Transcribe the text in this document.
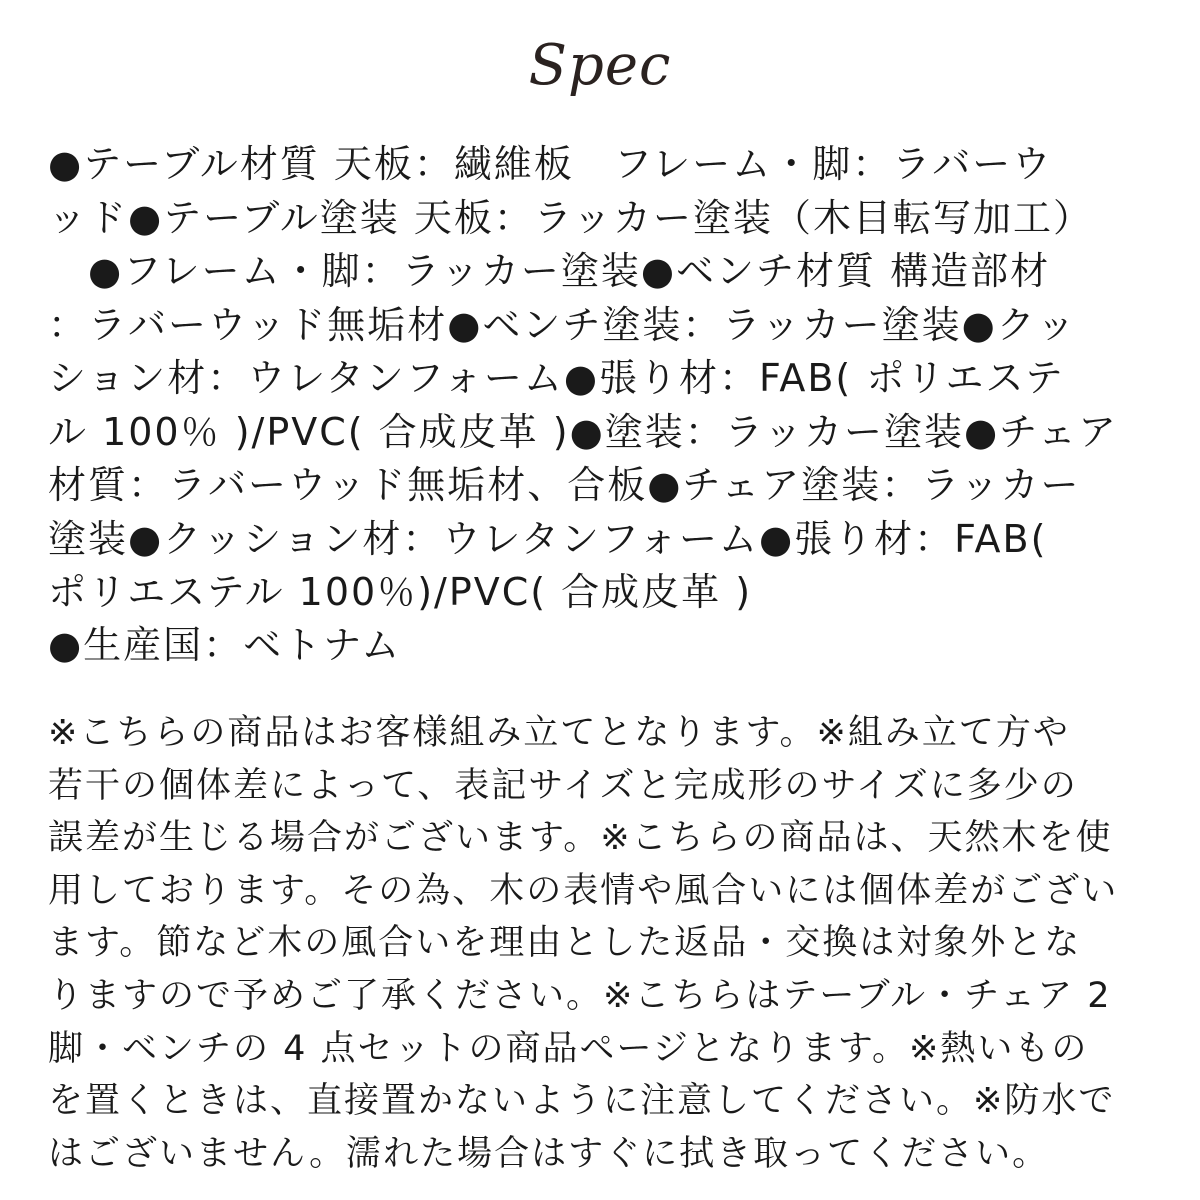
Spec
●テーブル材質 天板：繊維板　フレーム・脚：ラバーウ
ッド●テーブル塗装 天板：ラッカー塗装（木目転写加工）
　●フレーム・脚：ラッカー塗装●ベンチ材質 構造部材
：ラバーウッド無垢材●ベンチ塗装：ラッカー塗装●クッ
ション材：ウレタンフォーム●張り材：FAB( ポリエステ
ル 100％ )/PVC( 合成皮革 )●塗装：ラッカー塗装●チェア
材質：ラバーウッド無垢材、合板●チェア塗装：ラッカー
塗装●クッション材：ウレタンフォーム●張り材：FAB(
ポリエステル 100％)/PVC( 合成皮革 )
●生産国：ベトナム
※こちらの商品はお客様組み立てとなります。※組み立て方や
若干の個体差によって、表記サイズと完成形のサイズに多少の
誤差が生じる場合がございます。※こちらの商品は、天然木を使
用しております。その為、木の表情や風合いには個体差がござい
ます。節など木の風合いを理由とした返品・交換は対象外とな
りますので予めご了承ください。※こちらはテーブル・チェア 2
脚・ベンチの 4 点セットの商品ページとなります。※熱いもの
を置くときは、直接置かないように注意してください。※防水で
はございません。濡れた場合はすぐに拭き取ってください。
